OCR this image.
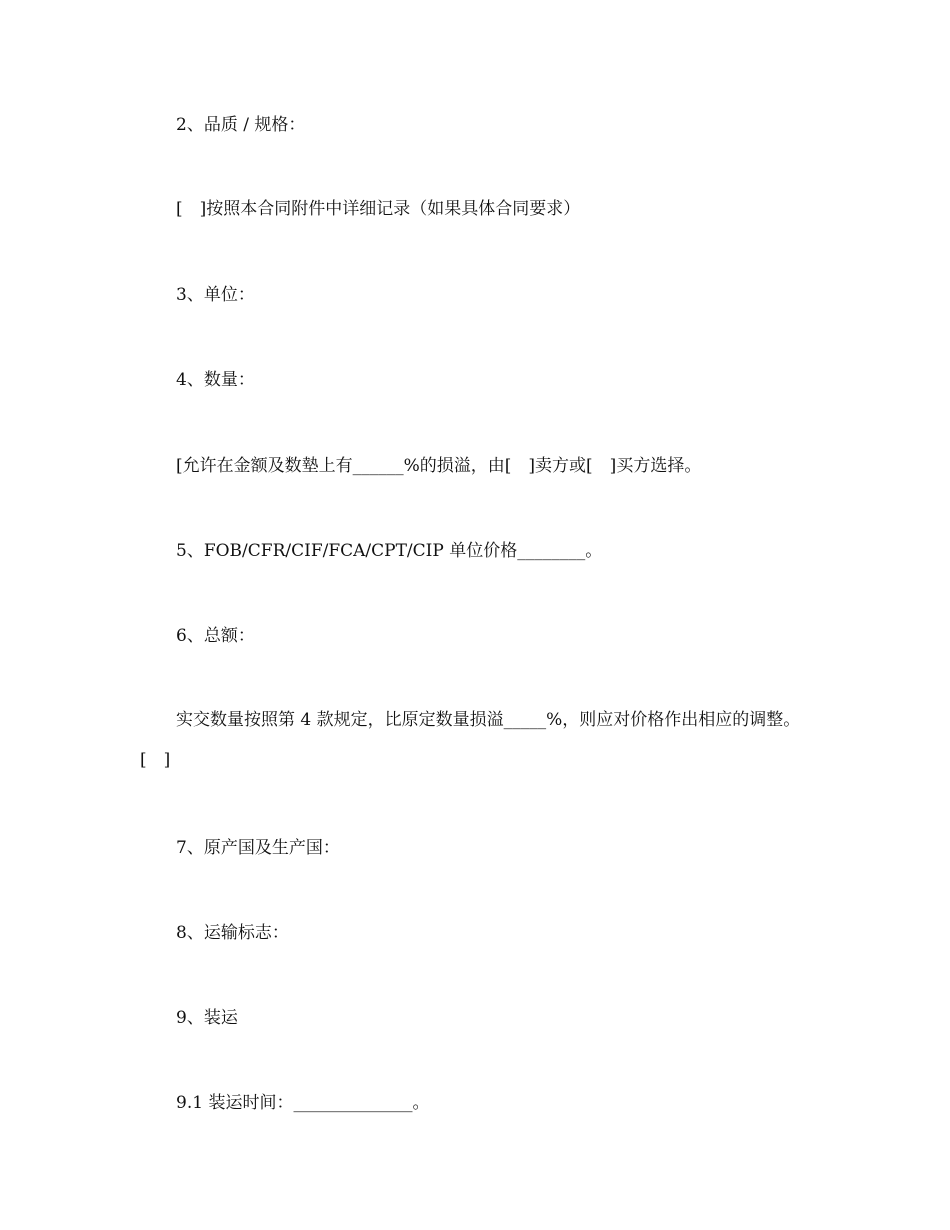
2、品质 / 规格：
[　]按照本合同附件中详细记录（如果具体合同要求）
3、单位：
4、数量：
[允许在金额及数墊上有______%的损溢，由[　]卖方或[　]买方选择。
5、FOB/CFR/CIF/FCA/CPT/CIP 单位价格________。
6、总额：
实交数量按照第 4 款规定，比原定数量损溢_____%，则应对价格作出相应的调整。[　]
7、原产国及生产国：
8、运输标志：
9、装运
9.1 装运时间：______________。
